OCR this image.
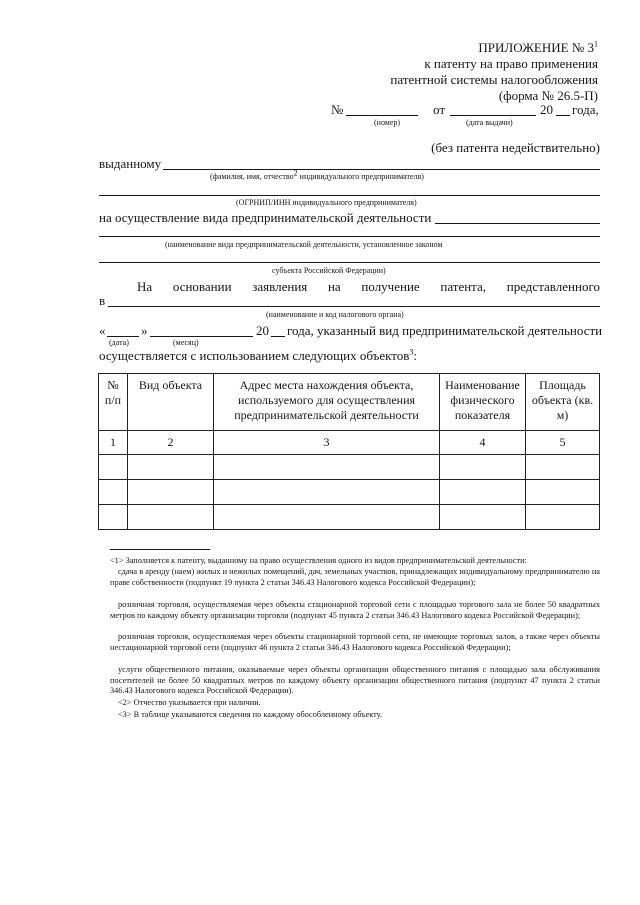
ПРИЛОЖЕНИЕ № $3^1$
к патенту на право применения
патентной системы налогообложения
(форма № 26.5-П)
№	от	20 года,
(номер)	(дата выдачи)
(без патента недействительно)
выданному
(фамилия, имя, отчество$^2$ индивидуального предпринимателя)
(ОГРНИП/ИНН индивидуального предпринимателя)
на осуществление вида предпринимательской деятельности
(наименование вида предпринимательской деятельности, установленное законом
субъекта Российской Федерации)
На основании заявления на получение патента, представленного
в
(наименование и код налогового органа)
«	»	20 года, указанный вид предпринимательской деятельности
(дата)	(месяц)
осуществляется с использованием следующих объектов$^3$:
№ п/п	Вид объекта	Адрес места нахождения объекта, используемого для осуществления предпринимательской деятельности	Наименование физического показателя	Площадь объекта (кв. м)
1	2	3	4	5

<1> Заполняется к патенту, выданному на право осуществления одного из видов предпринимательской деятельности:
сдача в аренду (наем) жилых и нежилых помещений, дач, земельных участков, принадлежащих индивидуальному предпринимателю на праве собственности (подпункт 19 пункта 2 статьи 346.43 Налогового кодекса Российской Федерации);
розничная торговля, осуществляемая через объекты стационарной торговой сети с площадью торгового зала не более 50 квадратных метров по каждому объекту организации торговли (подпункт 45 пункта 2 статьи 346.43 Налогового кодекса Российской Федерации);
розничная торговля, осуществляемая через объекты стационарной торговой сети, не имеющие торговых залов, а также через объекты нестационарной торговой сети (подпункт 46 пункта 2 статьи 346.43 Налогового кодекса Российской Федерации);
услуги общественного питания, оказываемые через объекты организации общественного питания с площадью зала обслуживания посетителей не более 50 квадратных метров по каждому объекту организации общественного питания (подпункт 47 пункта 2 статьи 346.43 Налогового кодекса Российской Федерации).
<2> Отчество указывается при наличии.
<3> В таблице указываются сведения по каждому обособленному объекту.
